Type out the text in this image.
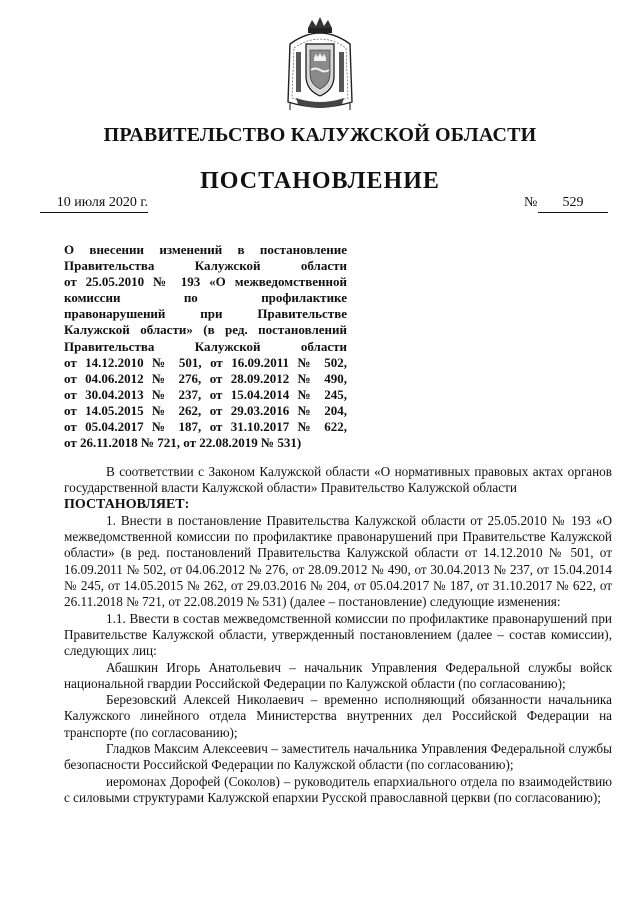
ПРАВИТЕЛЬСТВО КАЛУЖСКОЙ ОБЛАСТИ
ПОСТАНОВЛЕНИЕ
10 июля 2020 г.	№	529
О внесении изменений в постановление
Правительства Калужской области
от 25.05.2010 № 193 «О межведомственной
комиссии по профилактике
правонарушений при Правительстве
Калужской области» (в ред. постановлений
Правительства Калужской области
от 14.12.2010 № 501, от 16.09.2011 № 502,
от 04.06.2012 № 276, от 28.09.2012 № 490,
от 30.04.2013 № 237, от 15.04.2014 № 245,
от 14.05.2015 № 262, от 29.03.2016 № 204,
от 05.04.2017 № 187, от 31.10.2017 № 622,
от 26.11.2018 № 721, от 22.08.2019 № 531)

В соответствии с Законом Калужской области «О нормативных правовых актах органов государственной власти Калужской области» Правительство Калужской области

ПОСТАНОВЛЯЕТ:

1. Внести в постановление Правительства Калужской области от 25.05.2010 № 193 «О межведомственной комиссии по профилактике правонарушений при Правительстве Калужской области» (в ред. постановлений Правительства Калужской области от 14.12.2010 № 501, от 16.09.2011 № 502, от 04.06.2012 № 276, от 28.09.2012 № 490, от 30.04.2013 № 237, от 15.04.2014 № 245, от 14.05.2015 № 262, от 29.03.2016 № 204, от 05.04.2017 № 187, от 31.10.2017 № 622, от 26.11.2018 № 721, от 22.08.2019 № 531) (далее – постановление) следующие изменения:

1.1. Ввести в состав межведомственной комиссии по профилактике правонарушений при Правительстве Калужской области, утвержденный постановлением (далее – состав комиссии), следующих лиц:

Абашкин Игорь Анатольевич – начальник Управления Федеральной службы войск национальной гвардии Российской Федерации по Калужской области (по согласованию);

Березовский Алексей Николаевич – временно исполняющий обязанности начальника Калужского линейного отдела Министерства внутренних дел Российской Федерации на транспорте (по согласованию);

Гладков Максим Алексеевич – заместитель начальника Управления Федеральной службы безопасности Российской Федерации по Калужской области (по согласованию);

иеромонах Дорофей (Соколов) – руководитель епархиального отдела по взаимодействию с силовыми структурами Калужской епархии Русской православной церкви (по согласованию);
